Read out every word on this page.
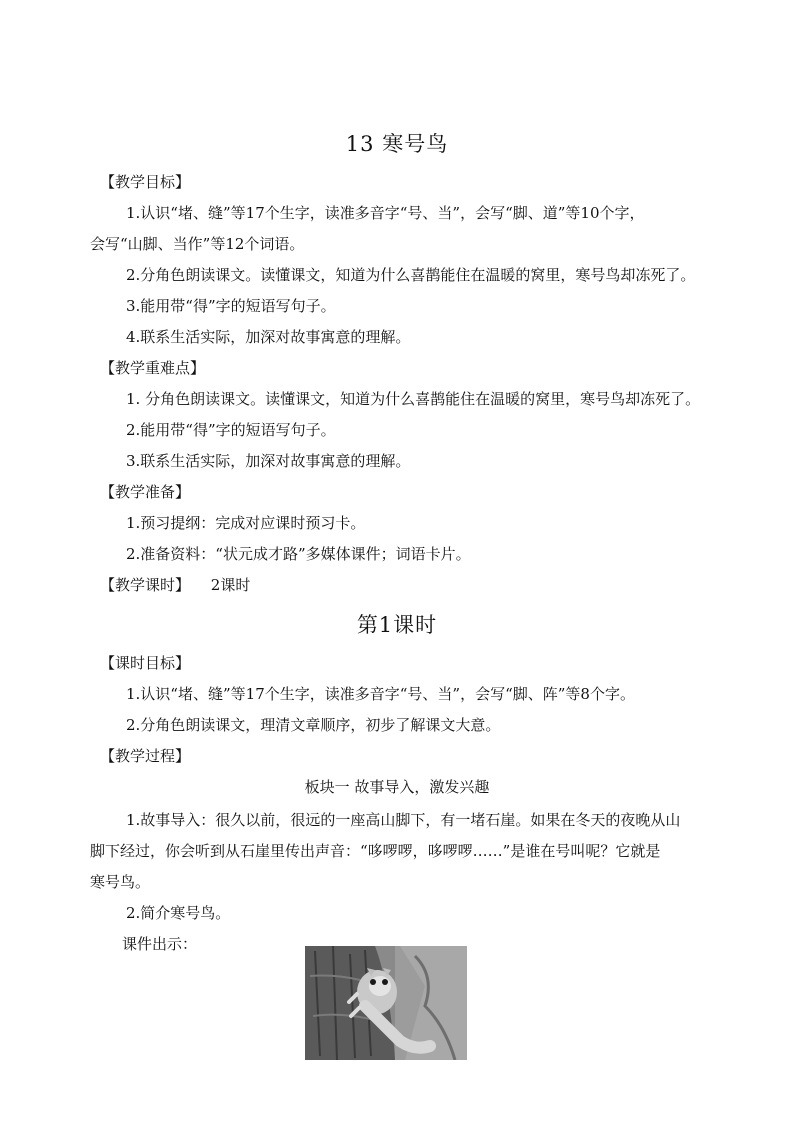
13 寒号鸟
【教学目标】
1.认识“堵、缝”等17个生字，读准多音字“号、当”，会写“脚、道”等10个字，
会写“山脚、当作”等12个词语。
2.分角色朗读课文。读懂课文，知道为什么喜鹊能住在温暖的窝里，寒号鸟却冻死了。
3.能用带“得”字的短语写句子。
4.联系生活实际，加深对故事寓意的理解。
【教学重难点】
1. 分角色朗读课文。读懂课文，知道为什么喜鹊能住在温暖的窝里，寒号鸟却冻死了。
2.能用带“得”字的短语写句子。
3.联系生活实际，加深对故事寓意的理解。
【教学准备】
1.预习提纲：完成对应课时预习卡。
2.准备资料：“状元成才路”多媒体课件；词语卡片。
【教学课时】 2课时
第1课时
【课时目标】
1.认识“堵、缝”等17个生字，读准多音字“号、当”，会写“脚、阵”等8个字。
2.分角色朗读课文，理清文章顺序，初步了解课文大意。
【教学过程】
板块一 故事导入，激发兴趣
1.故事导入：很久以前，很远的一座高山脚下，有一堵石崖。如果在冬天的夜晚从山
脚下经过，你会听到从石崖里传出声音：“哆啰啰，哆啰啰……”是谁在号叫呢？它就是
寒号鸟。
2.简介寒号鸟。
课件出示：
